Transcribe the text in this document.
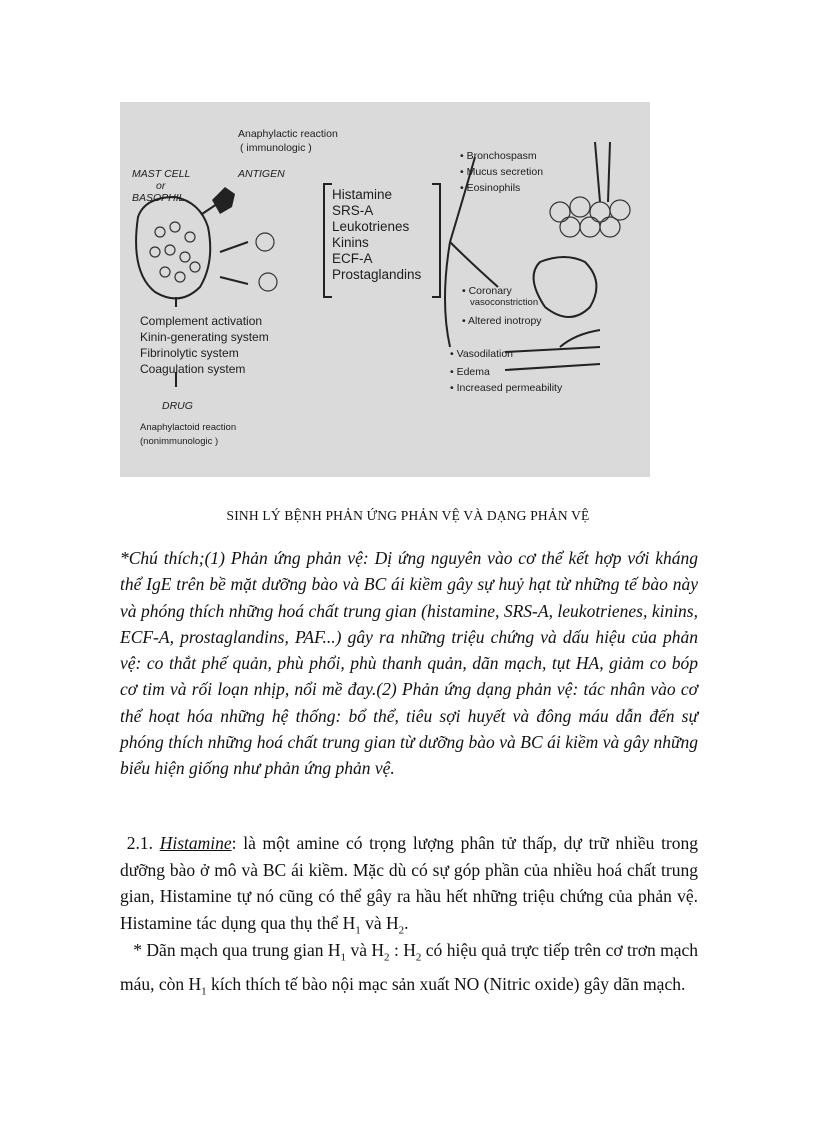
Anaphylactic reaction
( immunologic )
MAST CELL
or
BASOPHIL
ANTIGEN
Histamine
SRS-A
Leukotrienes
Kinins
ECF-A
Prostaglandins
• Bronchospasm
• Mucus secretion
• Eosinophils
• Coronary
vasoconstriction
• Altered inotropy
• Vasodilation
• Edema
• Increased permeability
Complement activation
Kinin-generating system
Fibrinolytic system
Coagulation system
DRUG
Anaphylactoid reaction
(nonimmunologic )
SINH LÝ BỆNH PHẢN ỨNG PHẢN VỆ VÀ DẠNG PHẢN VỆ
*Chú thích;(1) Phản ứng phản vệ: Dị ứng nguyên vào cơ thể kết hợp với kháng thể IgE trên bề mặt dưỡng bào và BC ái kiềm gây sự huỷ hạt từ những tế bào này và phóng thích những hoá chất trung gian (histamine, SRS-A, leukotrienes, kinins, ECF-A, prostaglandins, PAF...) gây ra những triệu chứng và dấu hiệu của phản vệ: co thắt phế quản, phù phổi, phù thanh quản, dãn mạch, tụt HA, giảm co bóp cơ tim và rối loạn nhịp, nổi mề đay.(2) Phản ứng dạng phản vệ: tác nhân vào cơ thể hoạt hóa những hệ thống: bổ thể, tiêu sợi huyết và đông máu dẫn đến sự phóng thích những hoá chất trung gian từ dưỡng bào và BC ái kiềm và gây những biểu hiện giống như phản ứng phản vệ.
2.1. Histamine: là một amine có trọng lượng phân tử thấp, dự trữ nhiều trong dưỡng bào ở mô và BC ái kiềm. Mặc dù có sự góp phần của nhiều hoá chất trung gian, Histamine tự nó cũng có thể gây ra hầu hết những triệu chứng của phản vệ. Histamine tác dụng qua thụ thể $H_1$ và $H_2$.
* Dãn mạch qua trung gian $H_1$ và $H_2$ : $H_2$ có hiệu quả trực tiếp trên cơ trơn mạch máu, còn $H_1$ kích thích tế bào nội mạc sản xuất NO (Nitric oxide) gây dãn mạch.
